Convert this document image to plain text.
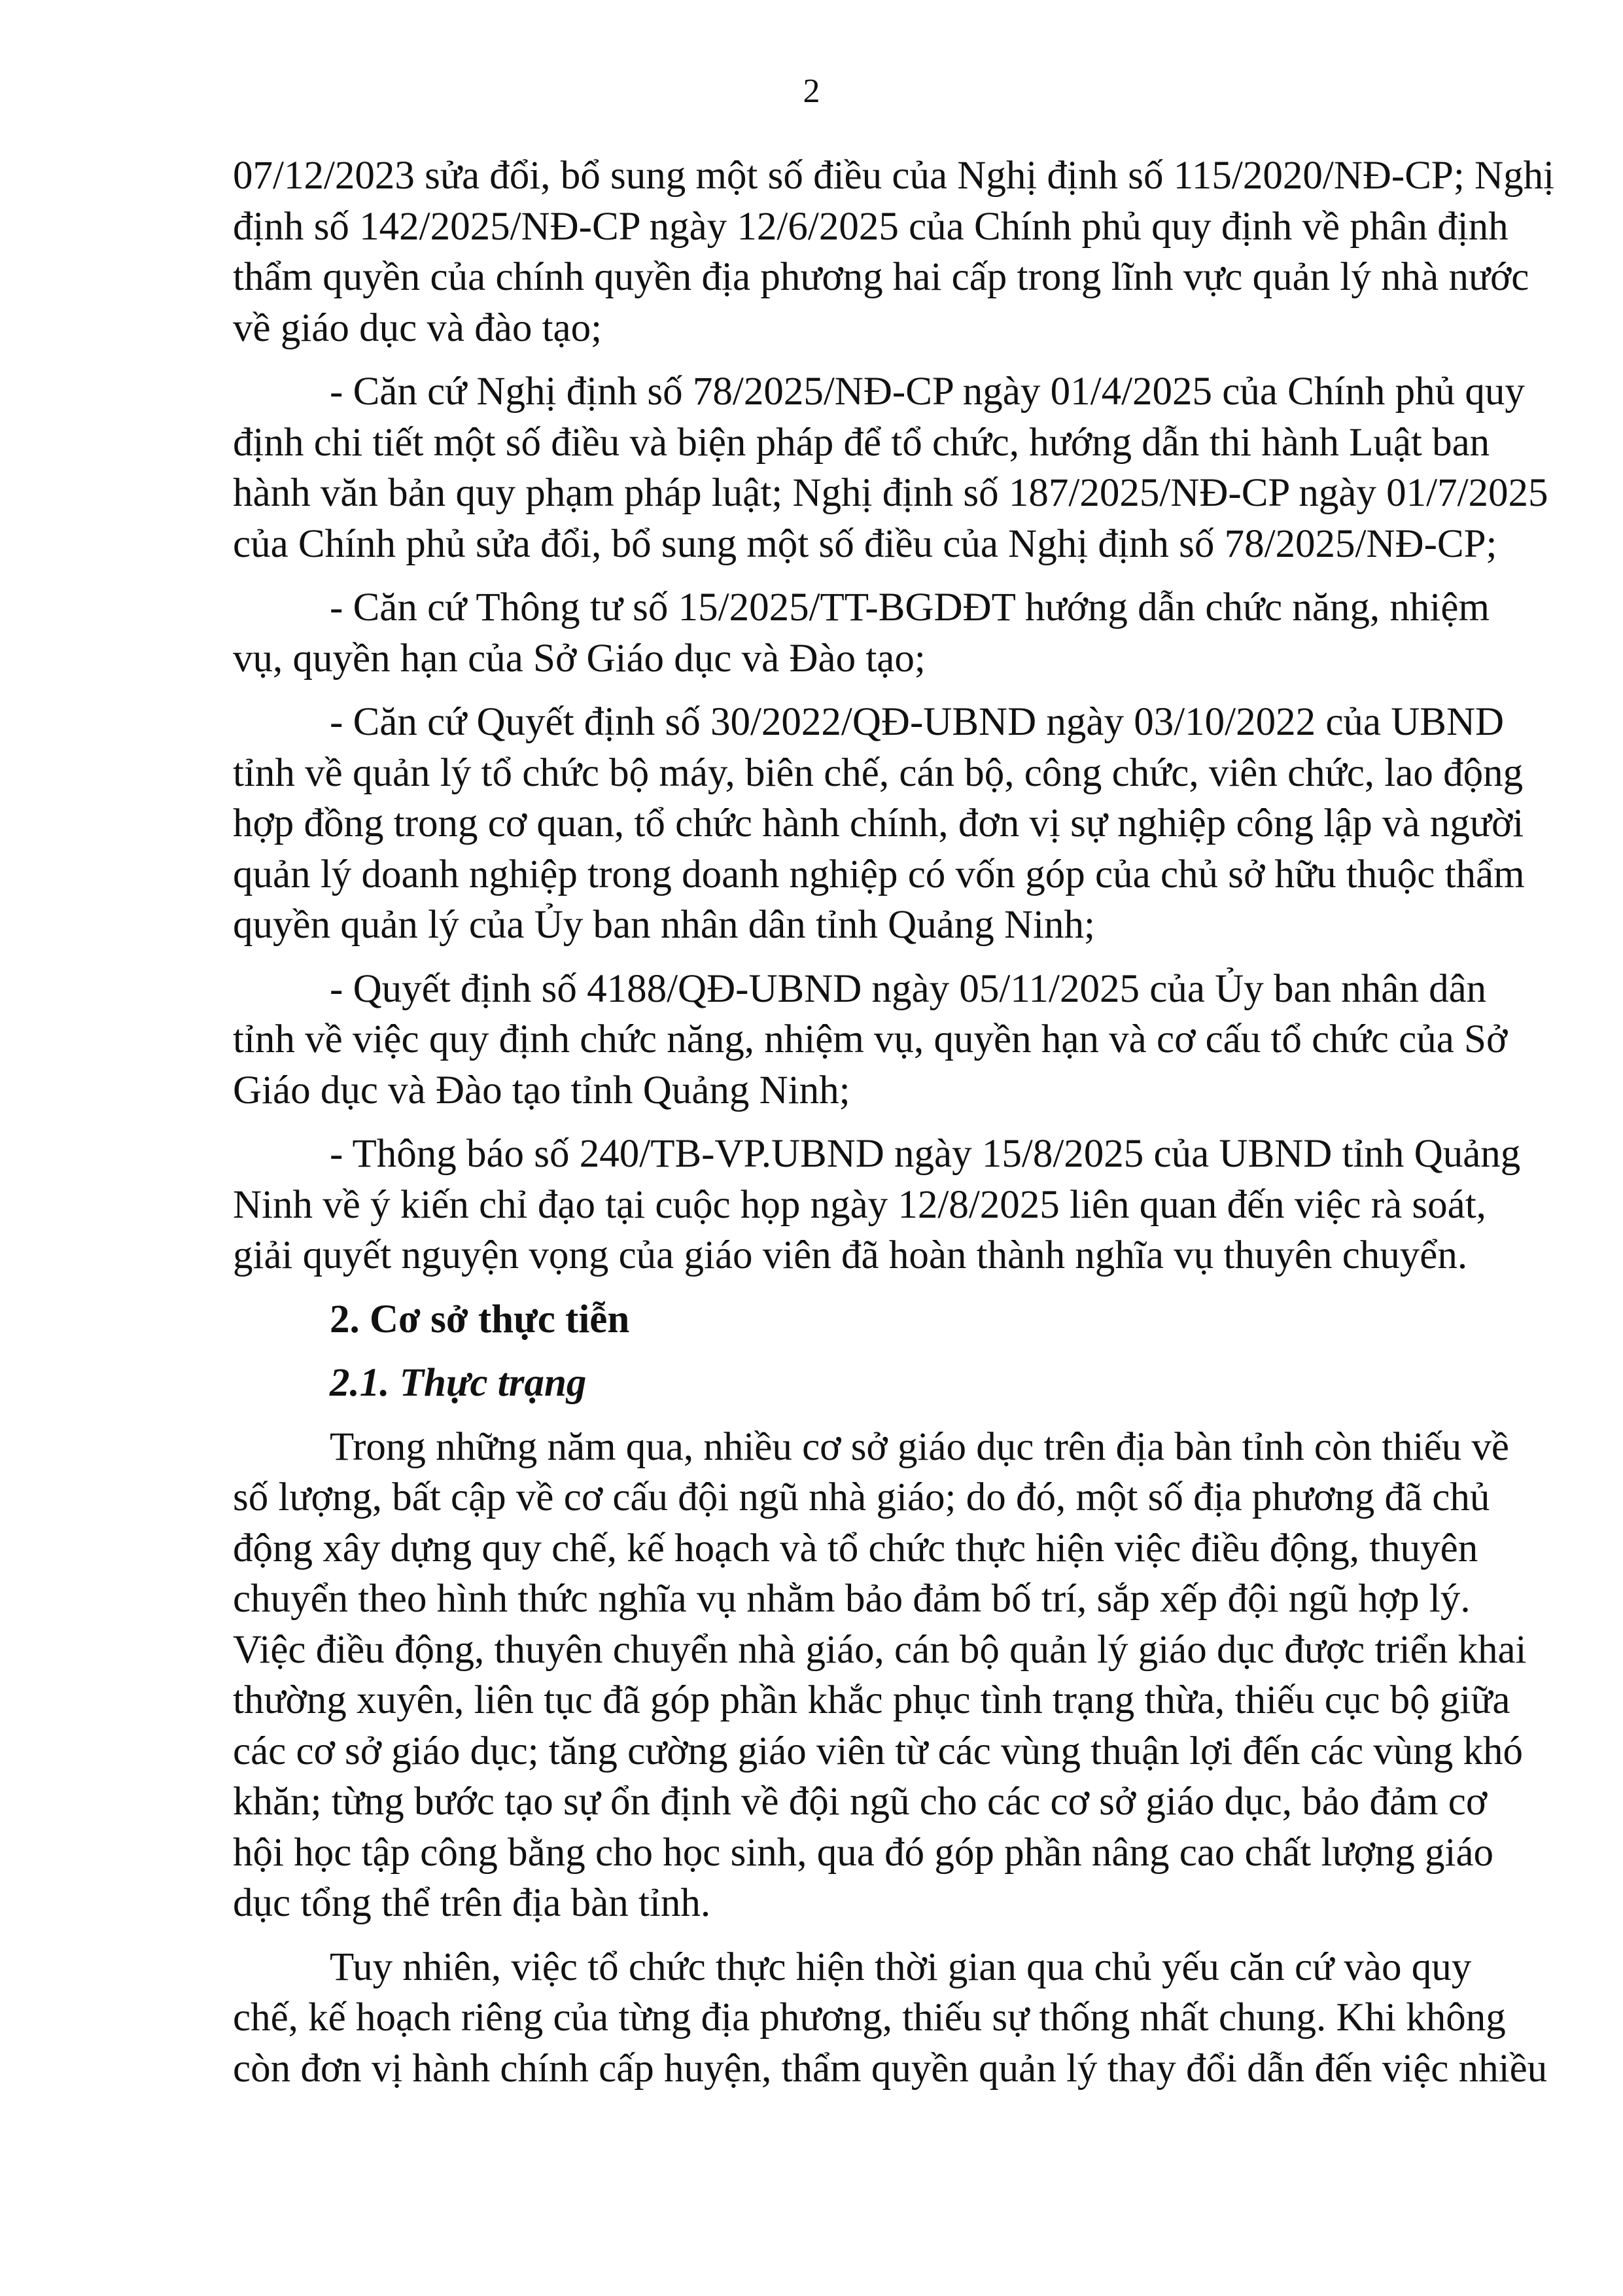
2
07/12/2023 sửa đổi, bổ sung một số điều của Nghị định số 115/2020/NĐ-CP; Nghị
định số 142/2025/NĐ-CP ngày 12/6/2025 của Chính phủ quy định về phân định
thẩm quyền của chính quyền địa phương hai cấp trong lĩnh vực quản lý nhà nước
về giáo dục và đào tạo;
- Căn cứ Nghị định số 78/2025/NĐ-CP ngày 01/4/2025 của Chính phủ quy
định chi tiết một số điều và biện pháp để tổ chức, hướng dẫn thi hành Luật ban
hành văn bản quy phạm pháp luật; Nghị định số 187/2025/NĐ-CP ngày 01/7/2025
của Chính phủ sửa đổi, bổ sung một số điều của Nghị định số 78/2025/NĐ-CP;
- Căn cứ Thông tư số 15/2025/TT-BGDĐT hướng dẫn chức năng, nhiệm
vụ, quyền hạn của Sở Giáo dục và Đào tạo;
- Căn cứ Quyết định số 30/2022/QĐ-UBND ngày 03/10/2022 của UBND
tỉnh về quản lý tổ chức bộ máy, biên chế, cán bộ, công chức, viên chức, lao động
hợp đồng trong cơ quan, tổ chức hành chính, đơn vị sự nghiệp công lập và người
quản lý doanh nghiệp trong doanh nghiệp có vốn góp của chủ sở hữu thuộc thẩm
quyền quản lý của Ủy ban nhân dân tỉnh Quảng Ninh;
- Quyết định số 4188/QĐ-UBND ngày 05/11/2025 của Ủy ban nhân dân
tỉnh về việc quy định chức năng, nhiệm vụ, quyền hạn và cơ cấu tổ chức của Sở
Giáo dục và Đào tạo tỉnh Quảng Ninh;
- Thông báo số 240/TB-VP.UBND ngày 15/8/2025 của UBND tỉnh Quảng
Ninh về ý kiến chỉ đạo tại cuộc họp ngày 12/8/2025 liên quan đến việc rà soát,
giải quyết nguyện vọng của giáo viên đã hoàn thành nghĩa vụ thuyên chuyển.
2. Cơ sở thực tiễn
2.1. Thực trạng
Trong những năm qua, nhiều cơ sở giáo dục trên địa bàn tỉnh còn thiếu về
số lượng, bất cập về cơ cấu đội ngũ nhà giáo; do đó, một số địa phương đã chủ
động xây dựng quy chế, kế hoạch và tổ chức thực hiện việc điều động, thuyên
chuyển theo hình thức nghĩa vụ nhằm bảo đảm bố trí, sắp xếp đội ngũ hợp lý.
Việc điều động, thuyên chuyển nhà giáo, cán bộ quản lý giáo dục được triển khai
thường xuyên, liên tục đã góp phần khắc phục tình trạng thừa, thiếu cục bộ giữa
các cơ sở giáo dục; tăng cường giáo viên từ các vùng thuận lợi đến các vùng khó
khăn; từng bước tạo sự ổn định về đội ngũ cho các cơ sở giáo dục, bảo đảm cơ
hội học tập công bằng cho học sinh, qua đó góp phần nâng cao chất lượng giáo
dục tổng thể trên địa bàn tỉnh.
Tuy nhiên, việc tổ chức thực hiện thời gian qua chủ yếu căn cứ vào quy
chế, kế hoạch riêng của từng địa phương, thiếu sự thống nhất chung. Khi không
còn đơn vị hành chính cấp huyện, thẩm quyền quản lý thay đổi dẫn đến việc nhiều
